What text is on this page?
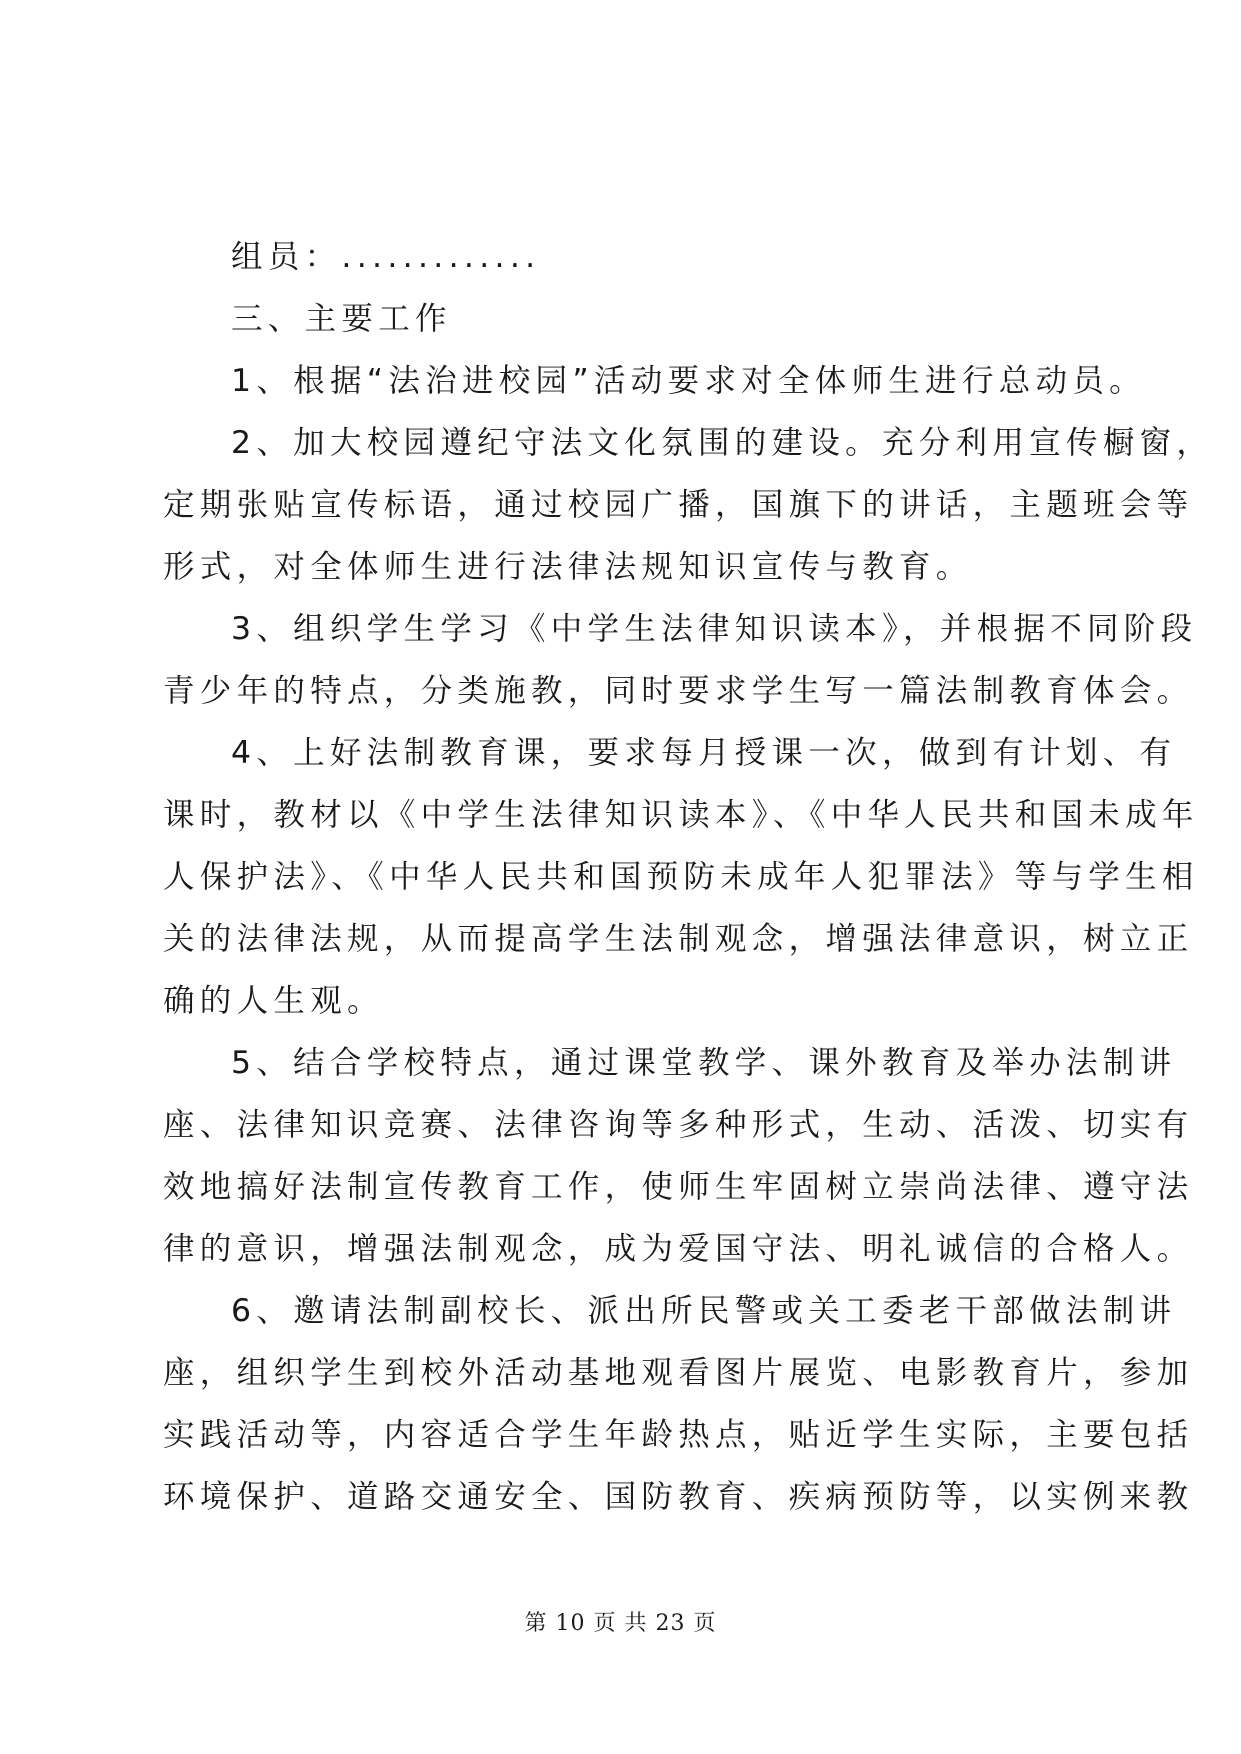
组员：.............
三、主要工作
1、根据“法治进校园”活动要求对全体师生进行总动员。
2、加大校园遵纪守法文化氛围的建设。充分利用宣传橱窗，
定期张贴宣传标语，通过校园广播，国旗下的讲话，主题班会等
形式，对全体师生进行法律法规知识宣传与教育。
3、组织学生学习《中学生法律知识读本》，并根据不同阶段
青少年的特点，分类施教，同时要求学生写一篇法制教育体会。
4、上好法制教育课，要求每月授课一次，做到有计划、有
课时，教材以《中学生法律知识读本》、《中华人民共和国未成年
人保护法》、《中华人民共和国预防未成年人犯罪法》等与学生相
关的法律法规，从而提高学生法制观念，增强法律意识，树立正
确的人生观。
5、结合学校特点，通过课堂教学、课外教育及举办法制讲
座、法律知识竞赛、法律咨询等多种形式，生动、活泼、切实有
效地搞好法制宣传教育工作，使师生牢固树立崇尚法律、遵守法
律的意识，增强法制观念，成为爱国守法、明礼诚信的合格人。
6、邀请法制副校长、派出所民警或关工委老干部做法制讲
座，组织学生到校外活动基地观看图片展览、电影教育片，参加
实践活动等，内容适合学生年龄热点，贴近学生实际，主要包括
环境保护、道路交通安全、国防教育、疾病预防等，以实例来教
第 10 页 共 23 页
